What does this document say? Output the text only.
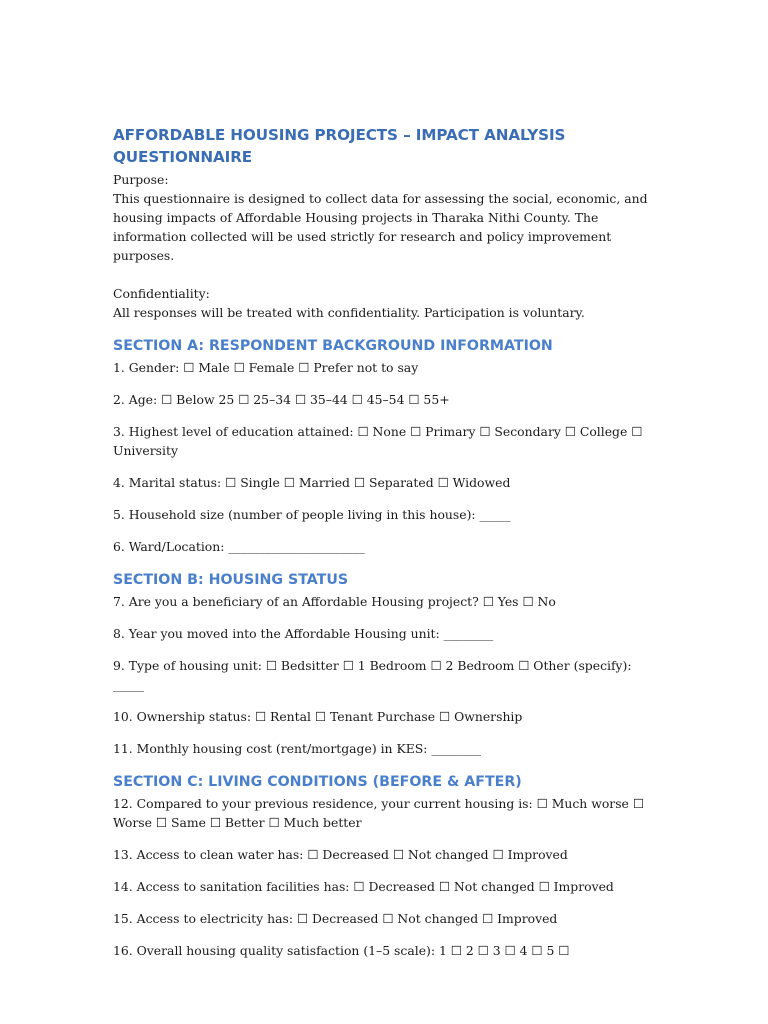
AFFORDABLE HOUSING PROJECTS – IMPACT ANALYSIS QUESTIONNAIRE

Purpose:

This questionnaire is designed to collect data for assessing the social, economic, and housing impacts of Affordable Housing projects in Tharaka Nithi County. The information collected will be used strictly for research and policy improvement purposes.

Confidentiality:

All responses will be treated with confidentiality. Participation is voluntary.

SECTION A: RESPONDENT BACKGROUND INFORMATION

1. Gender: ☐ Male ☐ Female ☐ Prefer not to say

2. Age: ☐ Below 25 ☐ 25–34 ☐ 35–44 ☐ 45–54 ☐ 55+

3. Highest level of education attained: ☐ None ☐ Primary ☐ Secondary ☐ College ☐ University

4. Marital status: ☐ Single ☐ Married ☐ Separated ☐ Widowed

5. Household size (number of people living in this house): _____

6. Ward/Location: ______________________

SECTION B: HOUSING STATUS

7. Are you a beneficiary of an Affordable Housing project? ☐ Yes ☐ No

8. Year you moved into the Affordable Housing unit: ________

9. Type of housing unit: ☐ Bedsitter ☐ 1 Bedroom ☐ 2 Bedroom ☐ Other (specify): _____

10. Ownership status: ☐ Rental ☐ Tenant Purchase ☐ Ownership

11. Monthly housing cost (rent/mortgage) in KES: ________

SECTION C: LIVING CONDITIONS (BEFORE & AFTER)

12. Compared to your previous residence, your current housing is: ☐ Much worse ☐ Worse ☐ Same ☐ Better ☐ Much better

13. Access to clean water has: ☐ Decreased ☐ Not changed ☐ Improved

14. Access to sanitation facilities has: ☐ Decreased ☐ Not changed ☐ Improved

15. Access to electricity has: ☐ Decreased ☐ Not changed ☐ Improved

16. Overall housing quality satisfaction (1–5 scale): 1 ☐ 2 ☐ 3 ☐ 4 ☐ 5 ☐
